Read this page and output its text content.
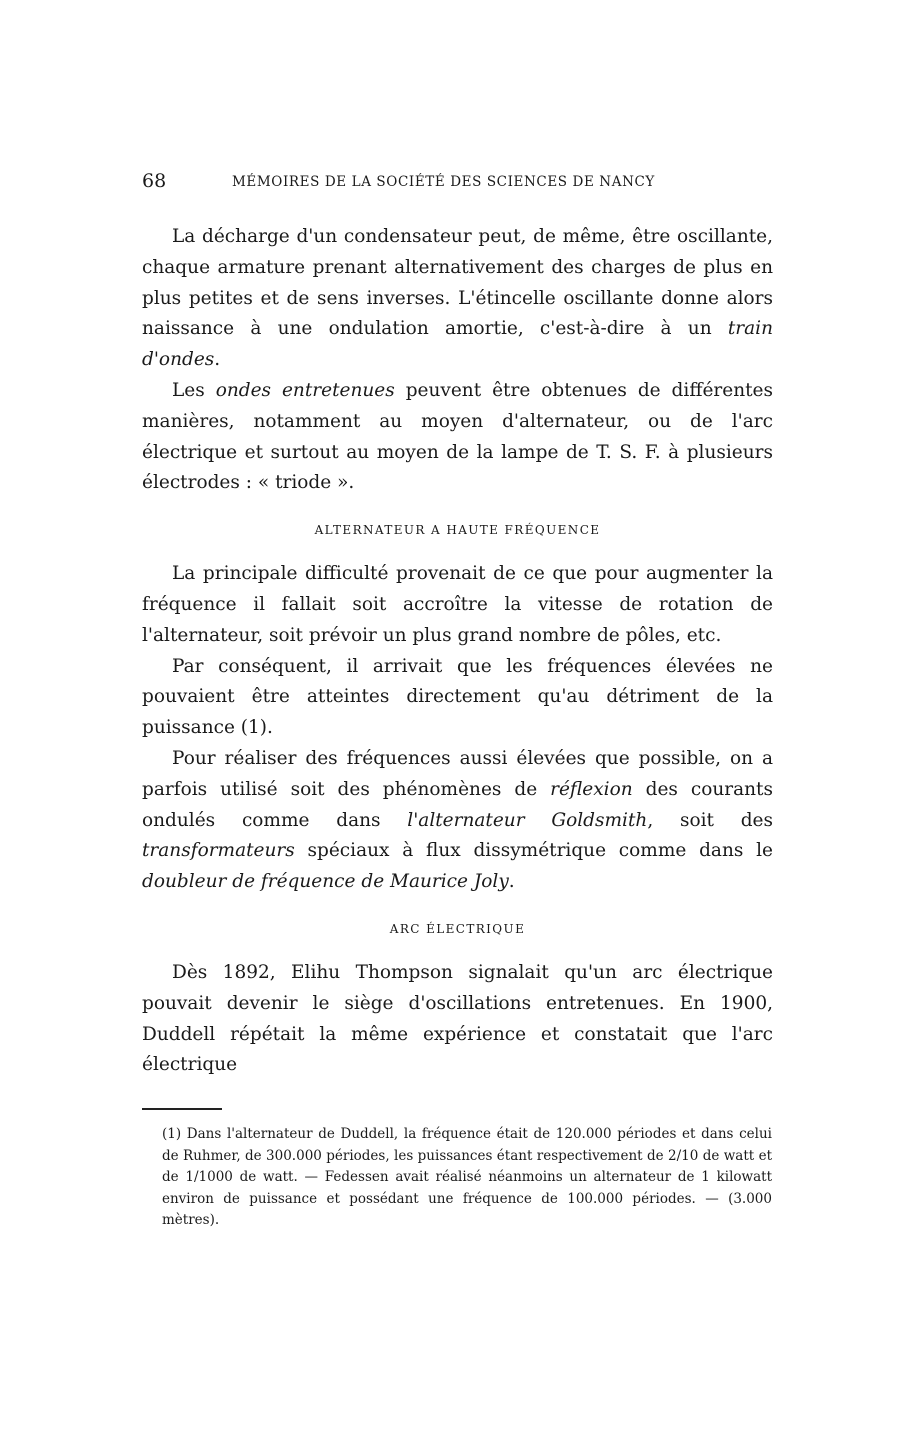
68	MÉMOIRES DE LA SOCIÉTÉ DES SCIENCES DE NANCY

La décharge d'un condensateur peut, de même, être oscillante, chaque armature prenant alternativement des charges de plus en plus petites et de sens inverses. L'étincelle oscillante donne alors naissance à une ondulation amortie, c'est-à-dire à un train d'ondes.

Les ondes entretenues peuvent être obtenues de différentes manières, notamment au moyen d'alternateur, ou de l'arc électrique et surtout au moyen de la lampe de T. S. F. à plusieurs électrodes : « triode ».

ALTERNATEUR A HAUTE FRÉQUENCE

La principale difficulté provenait de ce que pour augmenter la fréquence il fallait soit accroître la vitesse de rotation de l'alternateur, soit prévoir un plus grand nombre de pôles, etc.

Par conséquent, il arrivait que les fréquences élevées ne pouvaient être atteintes directement qu'au détriment de la puissance (1).

Pour réaliser des fréquences aussi élevées que possible, on a parfois utilisé soit des phénomènes de réflexion des courants ondulés comme dans l'alternateur Goldsmith, soit des transformateurs spéciaux à flux dissymétrique comme dans le doubleur de fréquence de Maurice Joly.

ARC ÉLECTRIQUE

Dès 1892, Elihu Thompson signalait qu'un arc électrique pouvait devenir le siège d'oscillations entretenues. En 1900, Duddell répétait la même expérience et constatait que l'arc électrique

(1) Dans l'alternateur de Duddell, la fréquence était de 120.000 périodes et dans celui de Ruhmer, de 300.000 périodes, les puissances étant respectivement de 2/10 de watt et de 1/1000 de watt. — Fedessen avait réalisé néanmoins un alternateur de 1 kilowatt environ de puissance et possédant une fréquence de 100.000 périodes. — (3.000 mètres).
